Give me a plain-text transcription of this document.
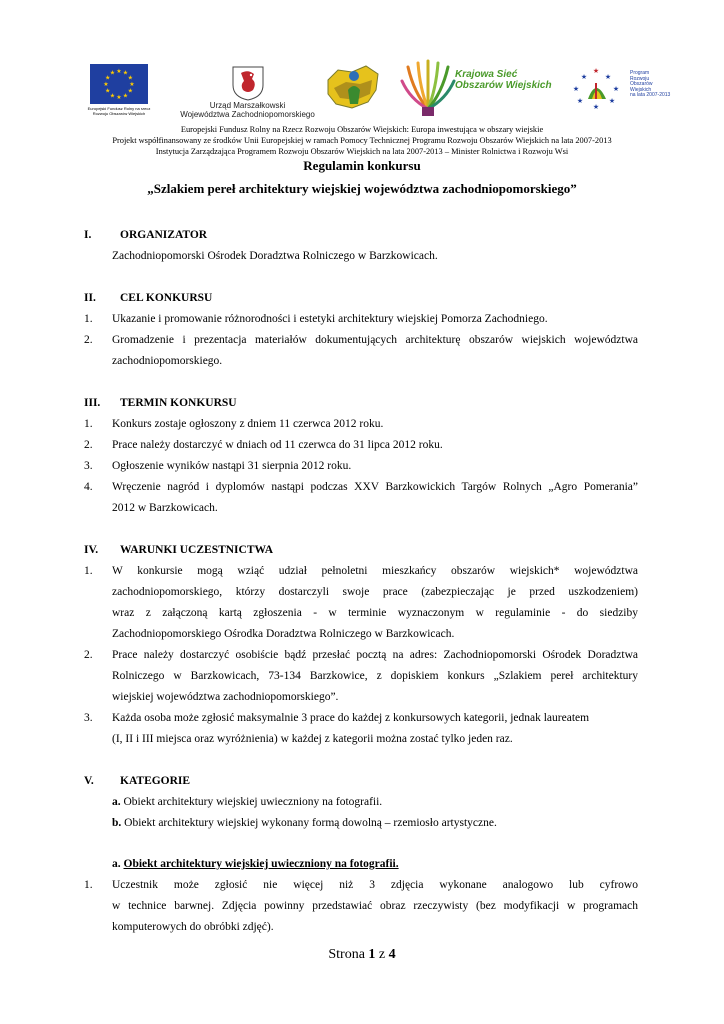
★ ★
★
★
★
★
★
★
★
★
★
★
Europejski Fundusz Rolny na rzecz Rozwoju Obszarów Wiejskich
Urząd Marszałkowski
Województwa Zachodniopomorskiego
Krajowa Sieć
Obszarów Wiejskich
★
★	★
★	★
★	★
★
Program
Rozwoju
Obszarów
Wiejskich
na lata 2007-2013
Europejski Fundusz Rolny na Rzecz Rozwoju Obszarów Wiejskich: Europa inwestująca w obszary wiejskie
Projekt współfinansowany ze środków Unii Europejskiej w ramach Pomocy Technicznej Programu Rozwoju Obszarów Wiejskich na lata 2007-2013
Instytucja Zarządzająca Programem Rozwoju Obszarów Wiejskich na lata 2007-2013 – Minister Rolnictwa i Rozwoju Wsi
Regulamin konkursu
„Szlakiem pereł architektury wiejskiej województwa zachodniopomorskiego”
I. ORGANIZATOR
Zachodniopomorski Ośrodek Doradztwa Rolniczego w Barzkowicach.
II. CEL KONKURSU
1. Ukazanie i promowanie różnorodności i estetyki architektury wiejskiej Pomorza Zachodniego.
2. Gromadzenie i prezentacja materiałów dokumentujących architekturę obszarów wiejskich województwa
zachodniopomorskiego.
III. TERMIN KONKURSU
1. Konkurs zostaje ogłoszony z dniem 11 czerwca 2012 roku.
2. Prace należy dostarczyć w dniach od 11 czerwca do 31 lipca 2012 roku.
3. Ogłoszenie wyników nastąpi 31 sierpnia 2012 roku.
4. Wręczenie nagród i dyplomów nastąpi podczas XXV Barzkowickich Targów Rolnych „Agro Pomerania”
2012 w Barzkowicach.
IV. WARUNKI UCZESTNICTWA
1. W konkursie mogą wziąć udział pełnoletni mieszkańcy obszarów wiejskich* województwa
zachodniopomorskiego, którzy dostarczyli swoje prace (zabezpieczając je przed uszkodzeniem)
wraz z załączoną kartą zgłoszenia - w terminie wyznaczonym w regulaminie - do siedziby
Zachodniopomorskiego Ośrodka Doradztwa Rolniczego w Barzkowicach.
2. Prace należy dostarczyć osobiście bądź przesłać pocztą na adres: Zachodniopomorski Ośrodek Doradztwa
Rolniczego w Barzkowicach, 73-134 Barzkowice, z dopiskiem konkurs „Szlakiem pereł architektury
wiejskiej województwa zachodniopomorskiego”.
3. Każda osoba może zgłosić maksymalnie 3 prace do każdej z konkursowych kategorii, jednak laureatem
(I, II i III miejsca oraz wyróżnienia) w każdej z kategorii można zostać tylko jeden raz.
V. KATEGORIE
a. Obiekt architektury wiejskiej uwieczniony na fotografii.
b. Obiekt architektury wiejskiej wykonany formą dowolną – rzemiosło artystyczne.
a. Obiekt architektury wiejskiej uwieczniony na fotografii.
1. Uczestnik może zgłosić nie więcej niż 3 zdjęcia wykonane analogowo lub cyfrowo
w technice barwnej. Zdjęcia powinny przedstawiać obraz rzeczywisty (bez modyfikacji w programach
komputerowych do obróbki zdjęć).
Strona 1 z 4
